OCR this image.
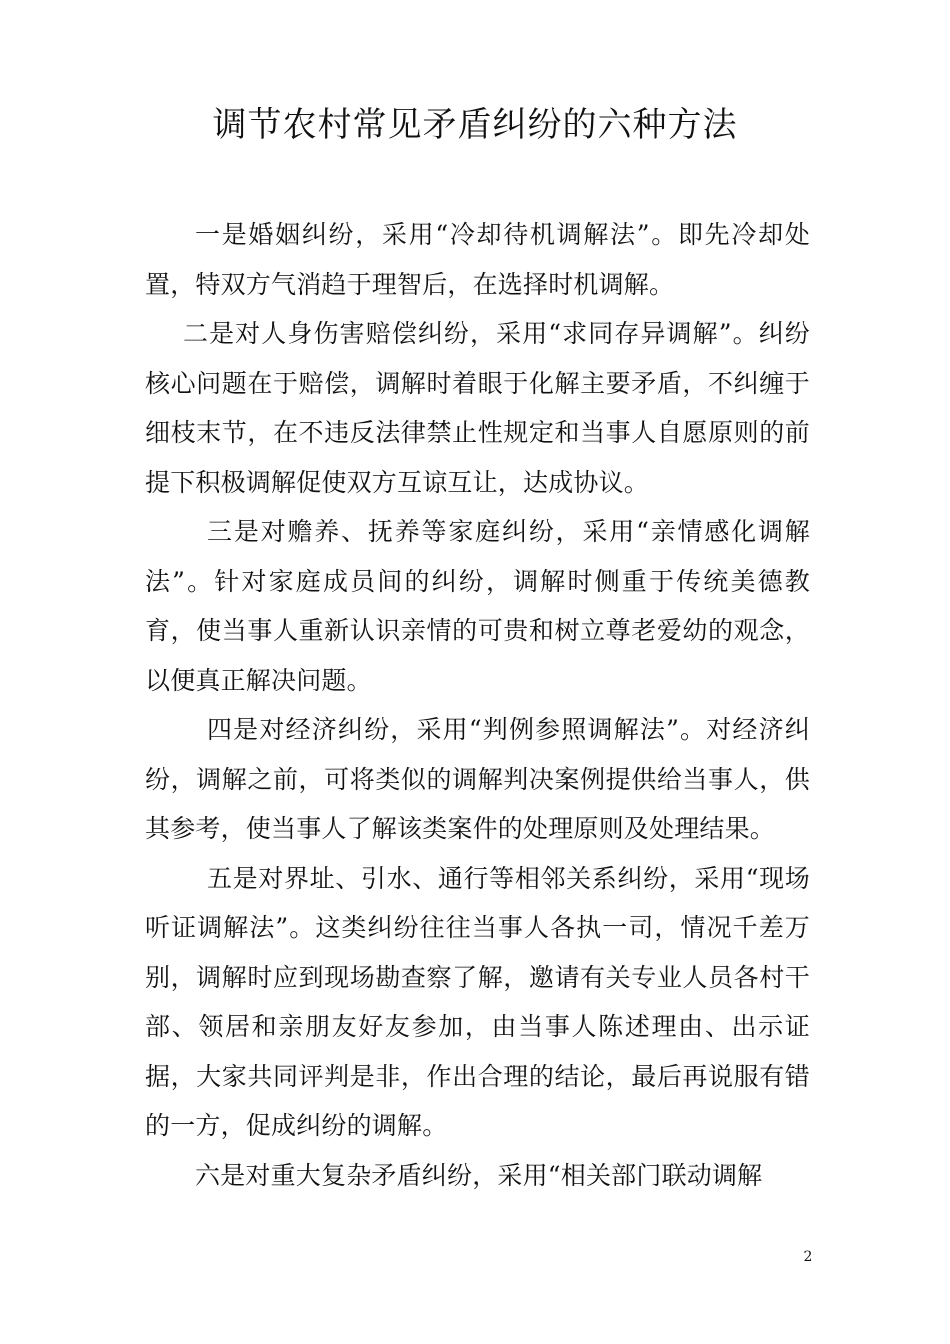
调节农村常见矛盾纠纷的六种方法

一是婚姻纠纷，采用“冷却待机调解法”。即先冷却处置，特双方气消趋于理智后，在选择时机调解。

二是对人身伤害赔偿纠纷，采用“求同存异调解”。纠纷核心问题在于赔偿，调解时着眼于化解主要矛盾，不纠缠于细枝末节，在不违反法律禁止性规定和当事人自愿原则的前提下积极调解促使双方互谅互让，达成协议。

三是对赡养、抚养等家庭纠纷，采用“亲情感化调解法”。针对家庭成员间的纠纷，调解时侧重于传统美德教育，使当事人重新认识亲情的可贵和树立尊老爱幼的观念，以便真正解决问题。

四是对经济纠纷，采用“判例参照调解法”。对经济纠纷，调解之前，可将类似的调解判决案例提供给当事人，供其参考，使当事人了解该类案件的处理原则及处理结果。

五是对界址、引水、通行等相邻关系纠纷，采用“现场听证调解法”。这类纠纷往往当事人各执一司，情况千差万别，调解时应到现场勘查察了解，邀请有关专业人员各村干部、领居和亲朋友好友参加，由当事人陈述理由、出示证据，大家共同评判是非，作出合理的结论，最后再说服有错的一方，促成纠纷的调解。

六是对重大复杂矛盾纠纷，采用“相关部门联动调解

2
